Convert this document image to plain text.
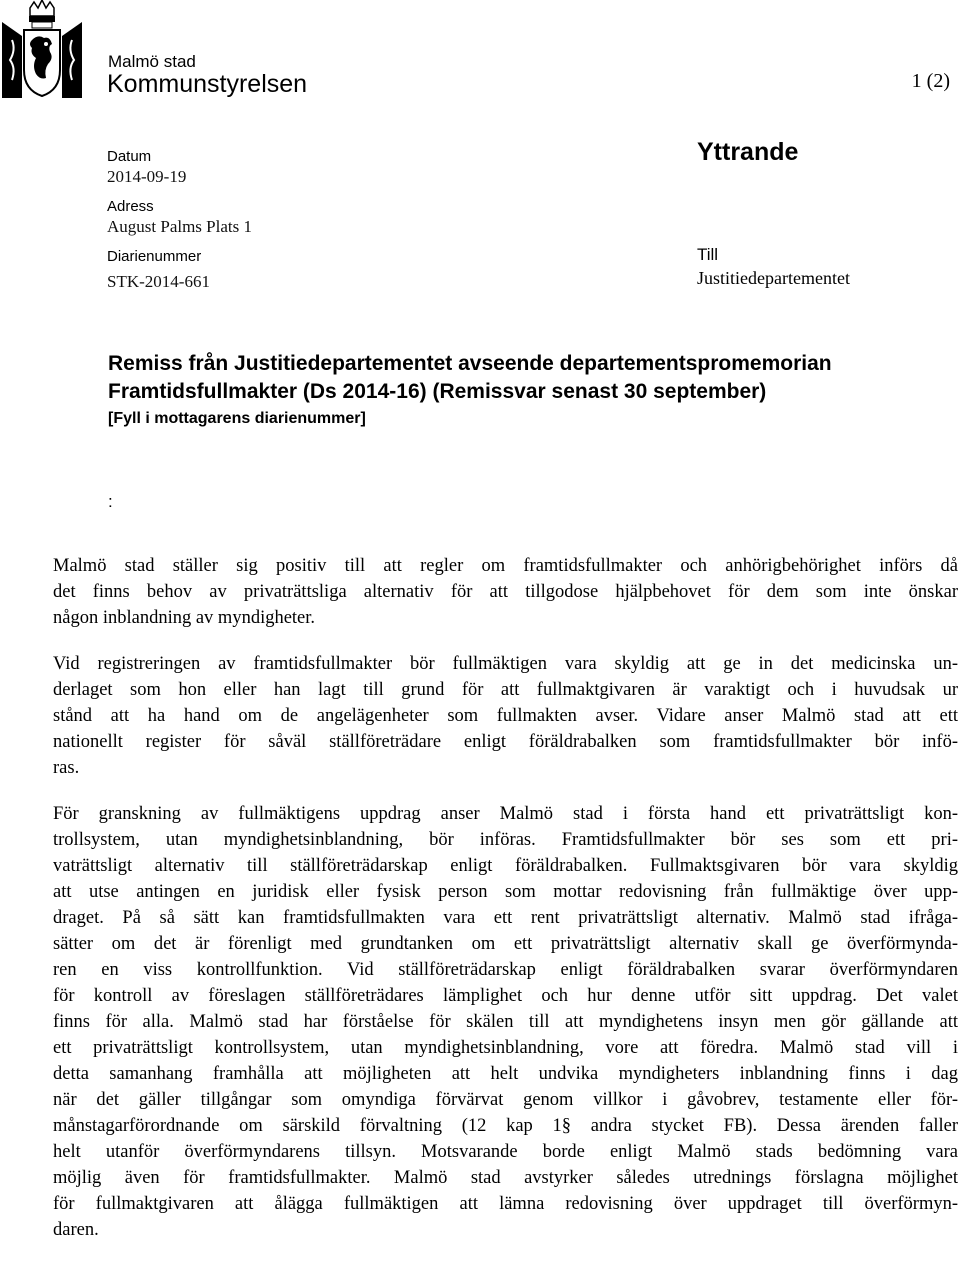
Malmö stad
Kommunstyrelsen	1 (2)
Datum
2014-09-19
Adress
August Palms Plats 1
Diarienummer
STK-2014-661
Yttrande
Till
Justitiedepartementet
Remiss från Justitiedepartementet avseende departementspromemorian
Framtidsfullmakter (Ds 2014-16) (Remissvar senast 30 september)
[Fyll i mottagarens diarienummer]
:

Malmö stad ställer sig positiv till att regler om framtidsfullmakter och anhörigbehörighet införs då
det finns behov av privaträttsliga alternativ för att tillgodose hjälpbehovet för dem som inte önskar
någon inblandning av myndigheter.

Vid registreringen av framtidsfullmakter bör fullmäktigen vara skyldig att ge in det medicinska un-
derlaget som hon eller han lagt till grund för att fullmaktgivaren är varaktigt och i huvudsak ur
stånd att ha hand om de angelägenheter som fullmakten avser. Vidare anser Malmö stad att ett
nationellt register för såväl ställföreträdare enligt föräldrabalken som framtidsfullmakter bör infö-
ras.

För granskning av fullmäktigens uppdrag anser Malmö stad i första hand ett privaträttsligt kon-
trollsystem, utan myndighetsinblandning, bör införas. Framtidsfullmakter bör ses som ett pri-
vaträttsligt alternativ till ställföreträdarskap enligt föräldrabalken. Fullmaktsgivaren bör vara skyldig
att utse antingen en juridisk eller fysisk person som mottar redovisning från fullmäktige över upp-
draget. På så sätt kan framtidsfullmakten vara ett rent privaträttsligt alternativ. Malmö stad ifråga-
sätter om det är förenligt med grundtanken om ett privaträttsligt alternativ skall ge överförmynda-
ren en viss kontrollfunktion. Vid ställföreträdarskap enligt föräldrabalken svarar överförmyndaren
för kontroll av föreslagen ställföreträdares lämplighet och hur denne utför sitt uppdrag. Det valet
finns för alla. Malmö stad har förståelse för skälen till att myndighetens insyn men gör gällande att
ett privaträttsligt kontrollsystem, utan myndighetsinblandning, vore att föredra. Malmö stad vill i
detta samanhang framhålla att möjligheten att helt undvika myndigheters inblandning finns i dag
när det gäller tillgångar som omyndiga förvärvat genom villkor i gåvobrev, testamente eller för-
månstagarförordnande om särskild förvaltning (12 kap 1§ andra stycket FB). Dessa ärenden faller
helt utanför överförmyndarens tillsyn. Motsvarande borde enligt Malmö stads bedömning vara
möjlig även för framtidsfullmakter. Malmö stad avstyrker således utrednings förslagna möjlighet
för fullmaktgivaren att ålägga fullmäktigen att lämna redovisning över uppdraget till överförmyn-
daren.
